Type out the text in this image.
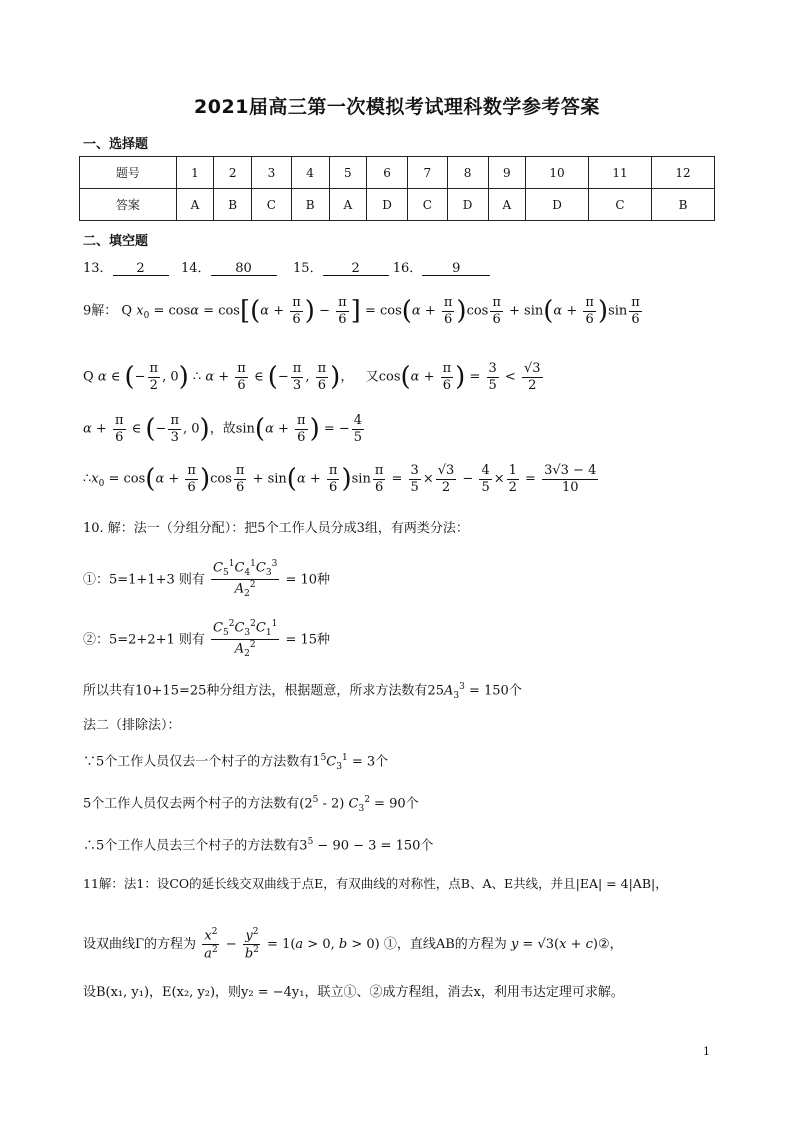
2021届高三第一次模拟考试理科数学参考答案
一、选择题
题号	1	2	3	4	5	6	7	8	9	10	11	12
答案	A	B	C	B	A	D	C	D	A	D	C	B
二、填空题
13． 2	14． 80	15． 2	16． 9
9解： Q $x_0 = \cos\alpha = \cos[(\alpha + \frac{\pi}{6}$ ) − $\frac{\pi}{6}$ ] = $\cos(\alpha + \frac{\pi}{6} )\cos \frac{\pi}{6} + \sin(\alpha + \frac{\pi}{6} )\sin \frac{\pi}{6}$
Q α ∈ (− $\frac{\pi}{2}$ , 0) ∴ $\alpha + \frac{\pi}{6}$ ∈ (− $\frac{\pi}{3}$ , $\frac{\pi}{6}$ )，   又$\cos(\alpha + \frac{\pi}{6}$ ) = $\frac{3}{5} < \frac{√3}{2}$
$\alpha + \frac{\pi}{6}$ ∈ (− $\frac{\pi}{3}$ , 0)，故$\sin(\alpha + \frac{\pi}{6}$ ) = − $\frac{4}{5}$
$\therefore x_0 = \cos(\alpha + \frac{\pi}{6} )\cos \frac{\pi}{6} + \sin(\alpha + \frac{\pi}{6} )\sin \frac{\pi}{6} = \frac{3}{5} \times \frac{√3}{2} - \frac{4}{5} \times \frac{1}{2} = \frac{3√3 - 4}{10}$
10. 解：法一（分组分配）：把5个工作人员分成3组，有两类分法：
①：5=1+1+3 则有 $\frac{C_5^1C_4^1C_3^3}{A_2^2} = 10$种
②：5=2+2+1 则有 $\frac{C_5^2C_3^2C_1^1}{A_2^2} = 15$种
所以共有10+15=25种分组方法，根据题意，所求方法数有$25A_3^3 = 150$个
法二（排除法）：
∵5个工作人员仅去一个村子的方法数有$1^5C_3^1 = 3$个
5个工作人员仅去两个村子的方法数有$(2^5 - 2) C_3^2 = 90$个
∴5个工作人员去三个村子的方法数有$3^5 - 90 - 3 = 150$个
11解：法1：设CO的延长线交双曲线于点E，有双曲线的对称性，点B、A、E共线，并且|EA| = 4|AB|，
设双曲线Γ的方程为 $\frac{x^2}{a^2} - \frac{y^2}{b^2} = 1(a > 0$, b > 0) ①，直线AB的方程为 y = √3(x + c)②，
设B(x₁, y₁)，E(x₂, y₂)，则y₂ = −4y₁，联立①、②成方程组，消去x，利用韦达定理可求解。
1
